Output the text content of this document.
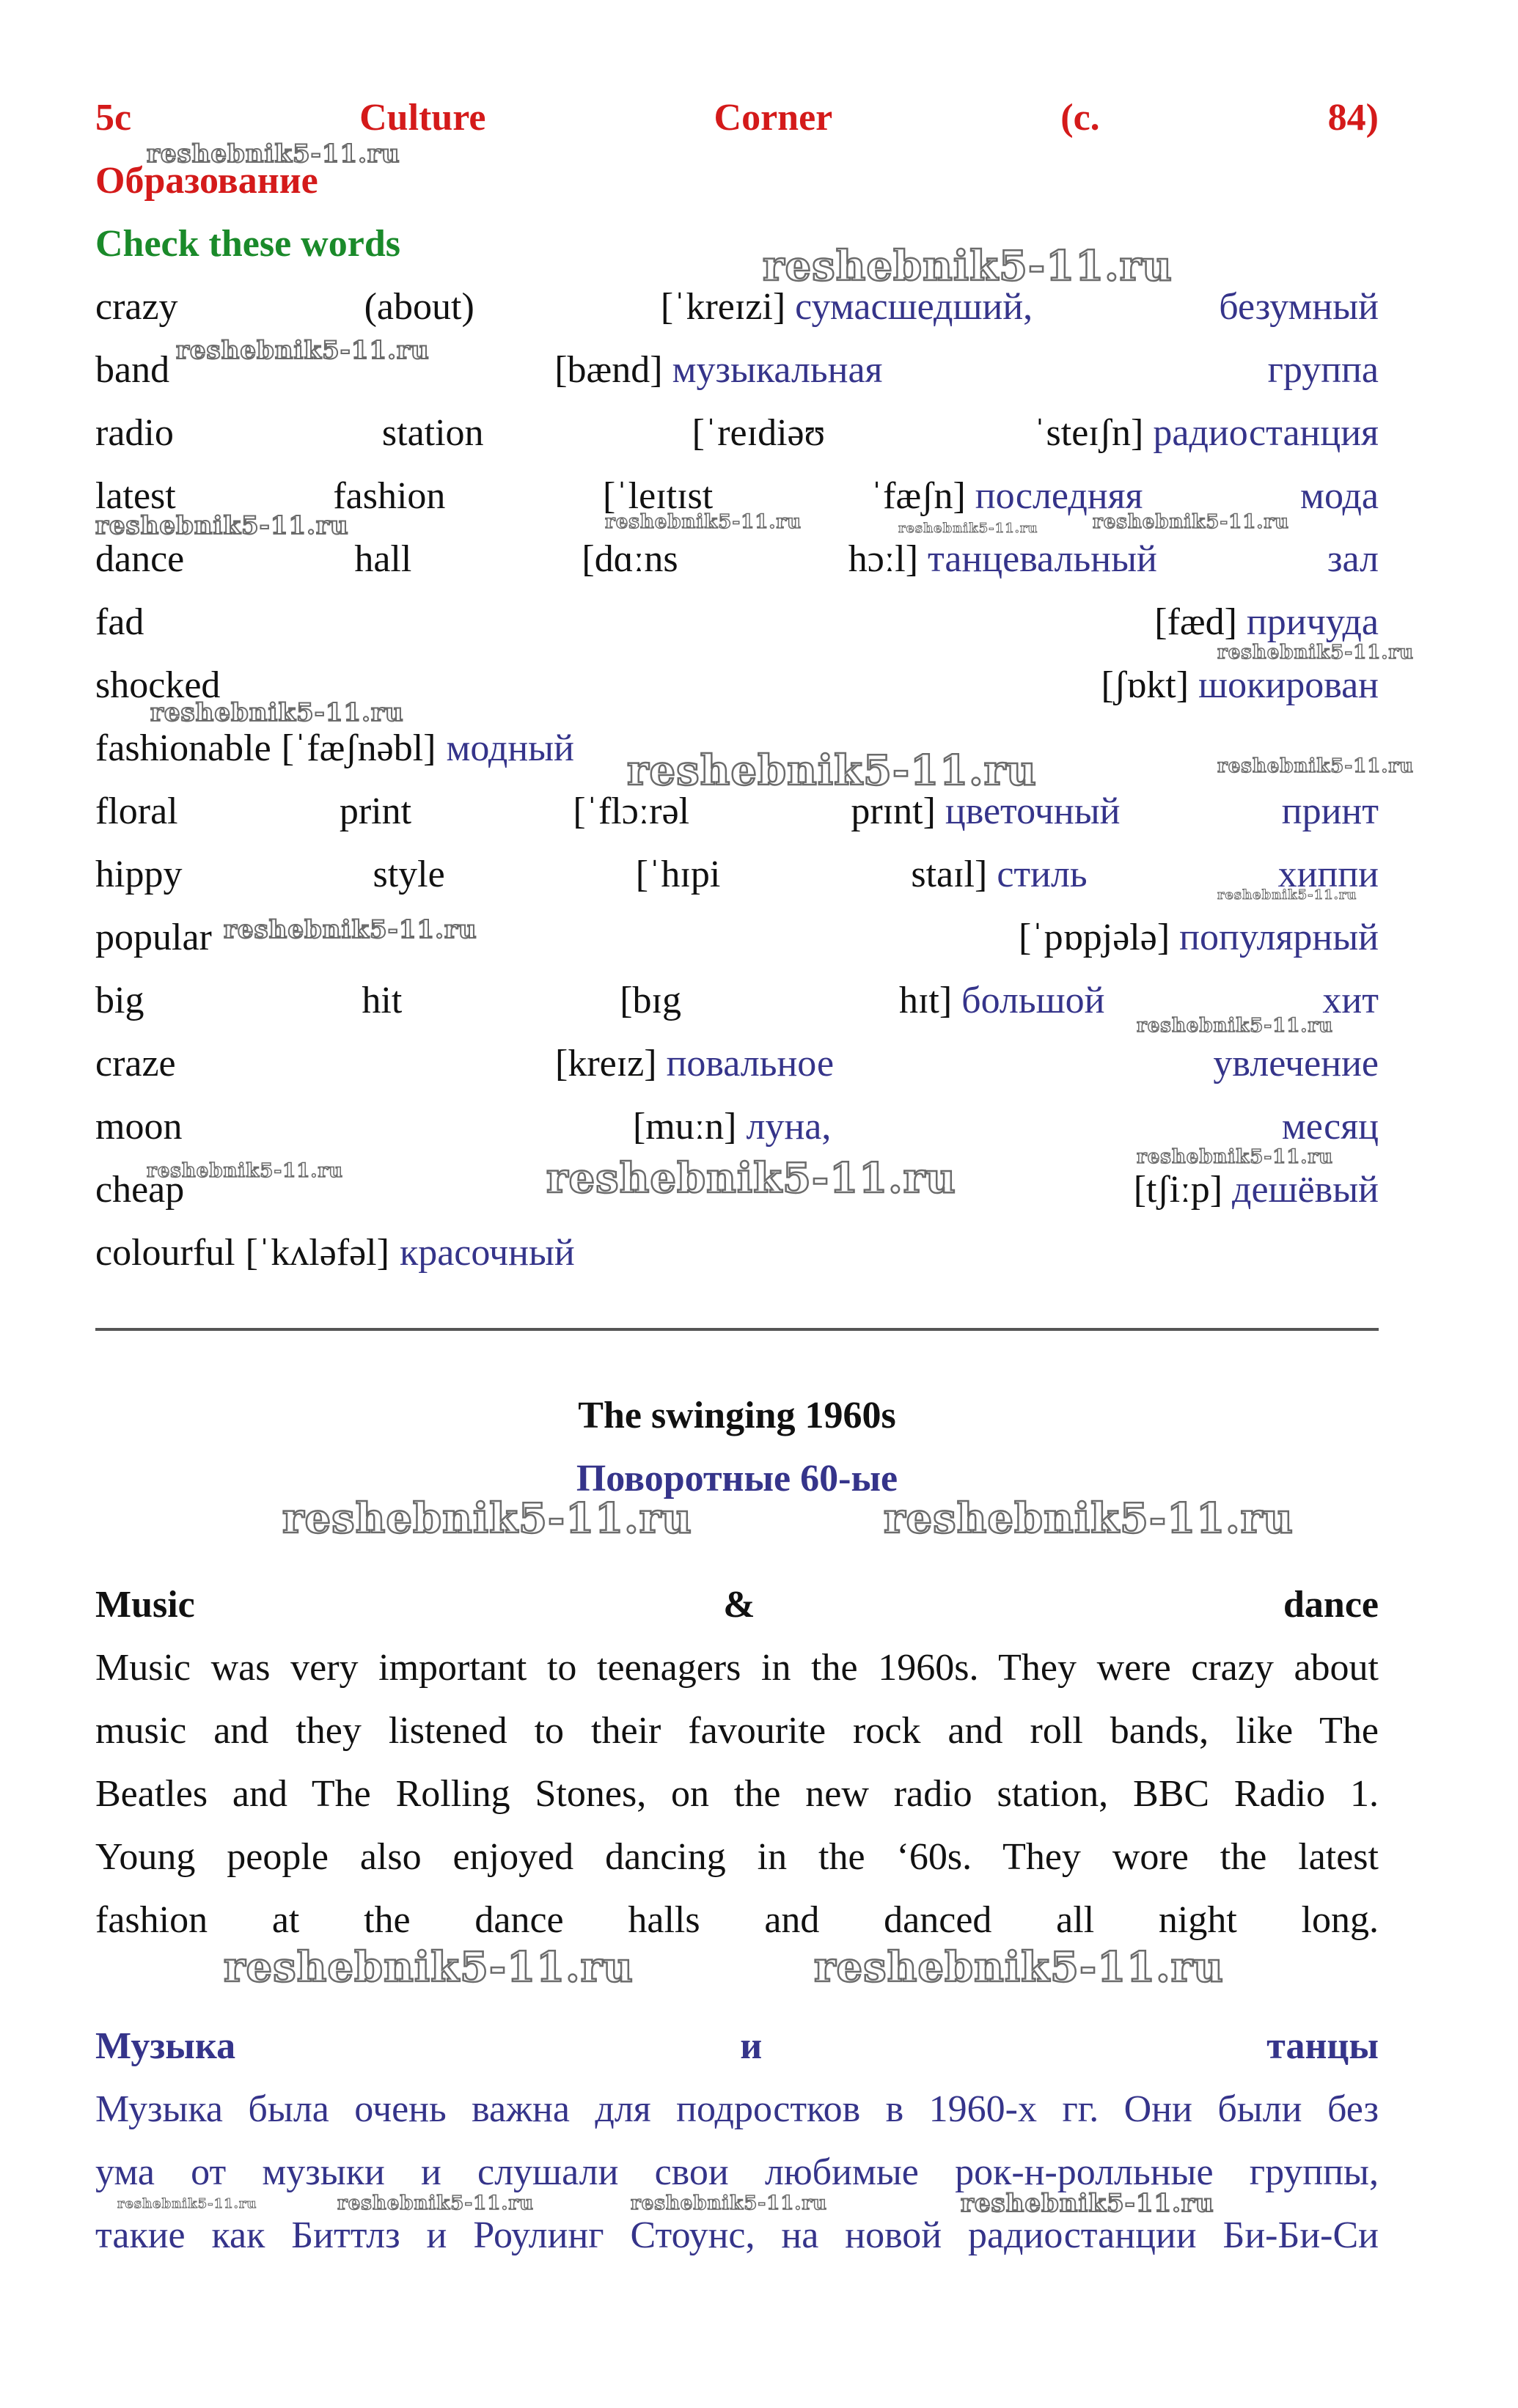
5c	Culture	Corner	(с.	84)
Образование
Check these words
crazy	(about)	[ˈkreɪzi] сумасшедший,	безумный
band	[bænd] музыкальная	группа
radio	station	[ˈreɪdiəʊ	ˈsteɪʃn] радиостанция
latest	fashion	[ˈleɪtɪst	ˈfæʃn] последняя	мода
dance	hall	[dɑːns	hɔːl] танцевальный	зал
fad	[fæd] причуда
shocked	[ʃɒkt] шокирован
fashionable [ˈfæʃnəbl] модный
floral	print	[ˈflɔːrəl	prɪnt] цветочный	принт
hippy	style	[ˈhɪpi	staɪl] стиль	хиппи
popular	[ˈpɒpjələ] популярный
big	hit	[bɪg	hɪt] большой	хит
craze	[kreɪz] повальное	увлечение
moon	[muːn] луна,	месяц
cheap	[tʃiːp] дешёвый
colourful [ˈkʌləfəl] красочный
The swinging 1960s
Поворотные 60-ые
Music	&	dance
Music was very important to teenagers in the 1960s. They were crazy about
music and they listened to their favourite rock and roll bands, like The
Beatles and The Rolling Stones, on the new radio station, BBC Radio 1.
Young people also enjoyed dancing in the ‘60s. They wore the latest
fashion at the dance halls and danced all night long.
Музыка	и	танцы
Музыка была очень важна для подростков в 1960-х гг. Они были без
ума от музыки и слушали свои любимые рок-н-ролльные группы,
такие как Биттлз и Роулинг Стоунс, на новой радиостанции Би-Би-Си
reshebnik5-11.ru
reshebnik5-11.ru
reshebnik5-11.ru
reshebnik5-11.ru	reshebnik5-11.ru	reshebnik5-11.ru	reshebnik5-11.ru
reshebnik5-11.ru
reshebnik5-11.ru
reshebnik5-11.ru	reshebnik5-11.ru
reshebnik5-11.ru
reshebnik5-11.ru
reshebnik5-11.ru
reshebnik5-11.ru
reshebnik5-11.ru	reshebnik5-11.ru
reshebnik5-11.ru	reshebnik5-11.ru
reshebnik5-11.ru	reshebnik5-11.ru
reshebnik5-11.ru	reshebnik5-11.ru	reshebnik5-11.ru	reshebnik5-11.ru
